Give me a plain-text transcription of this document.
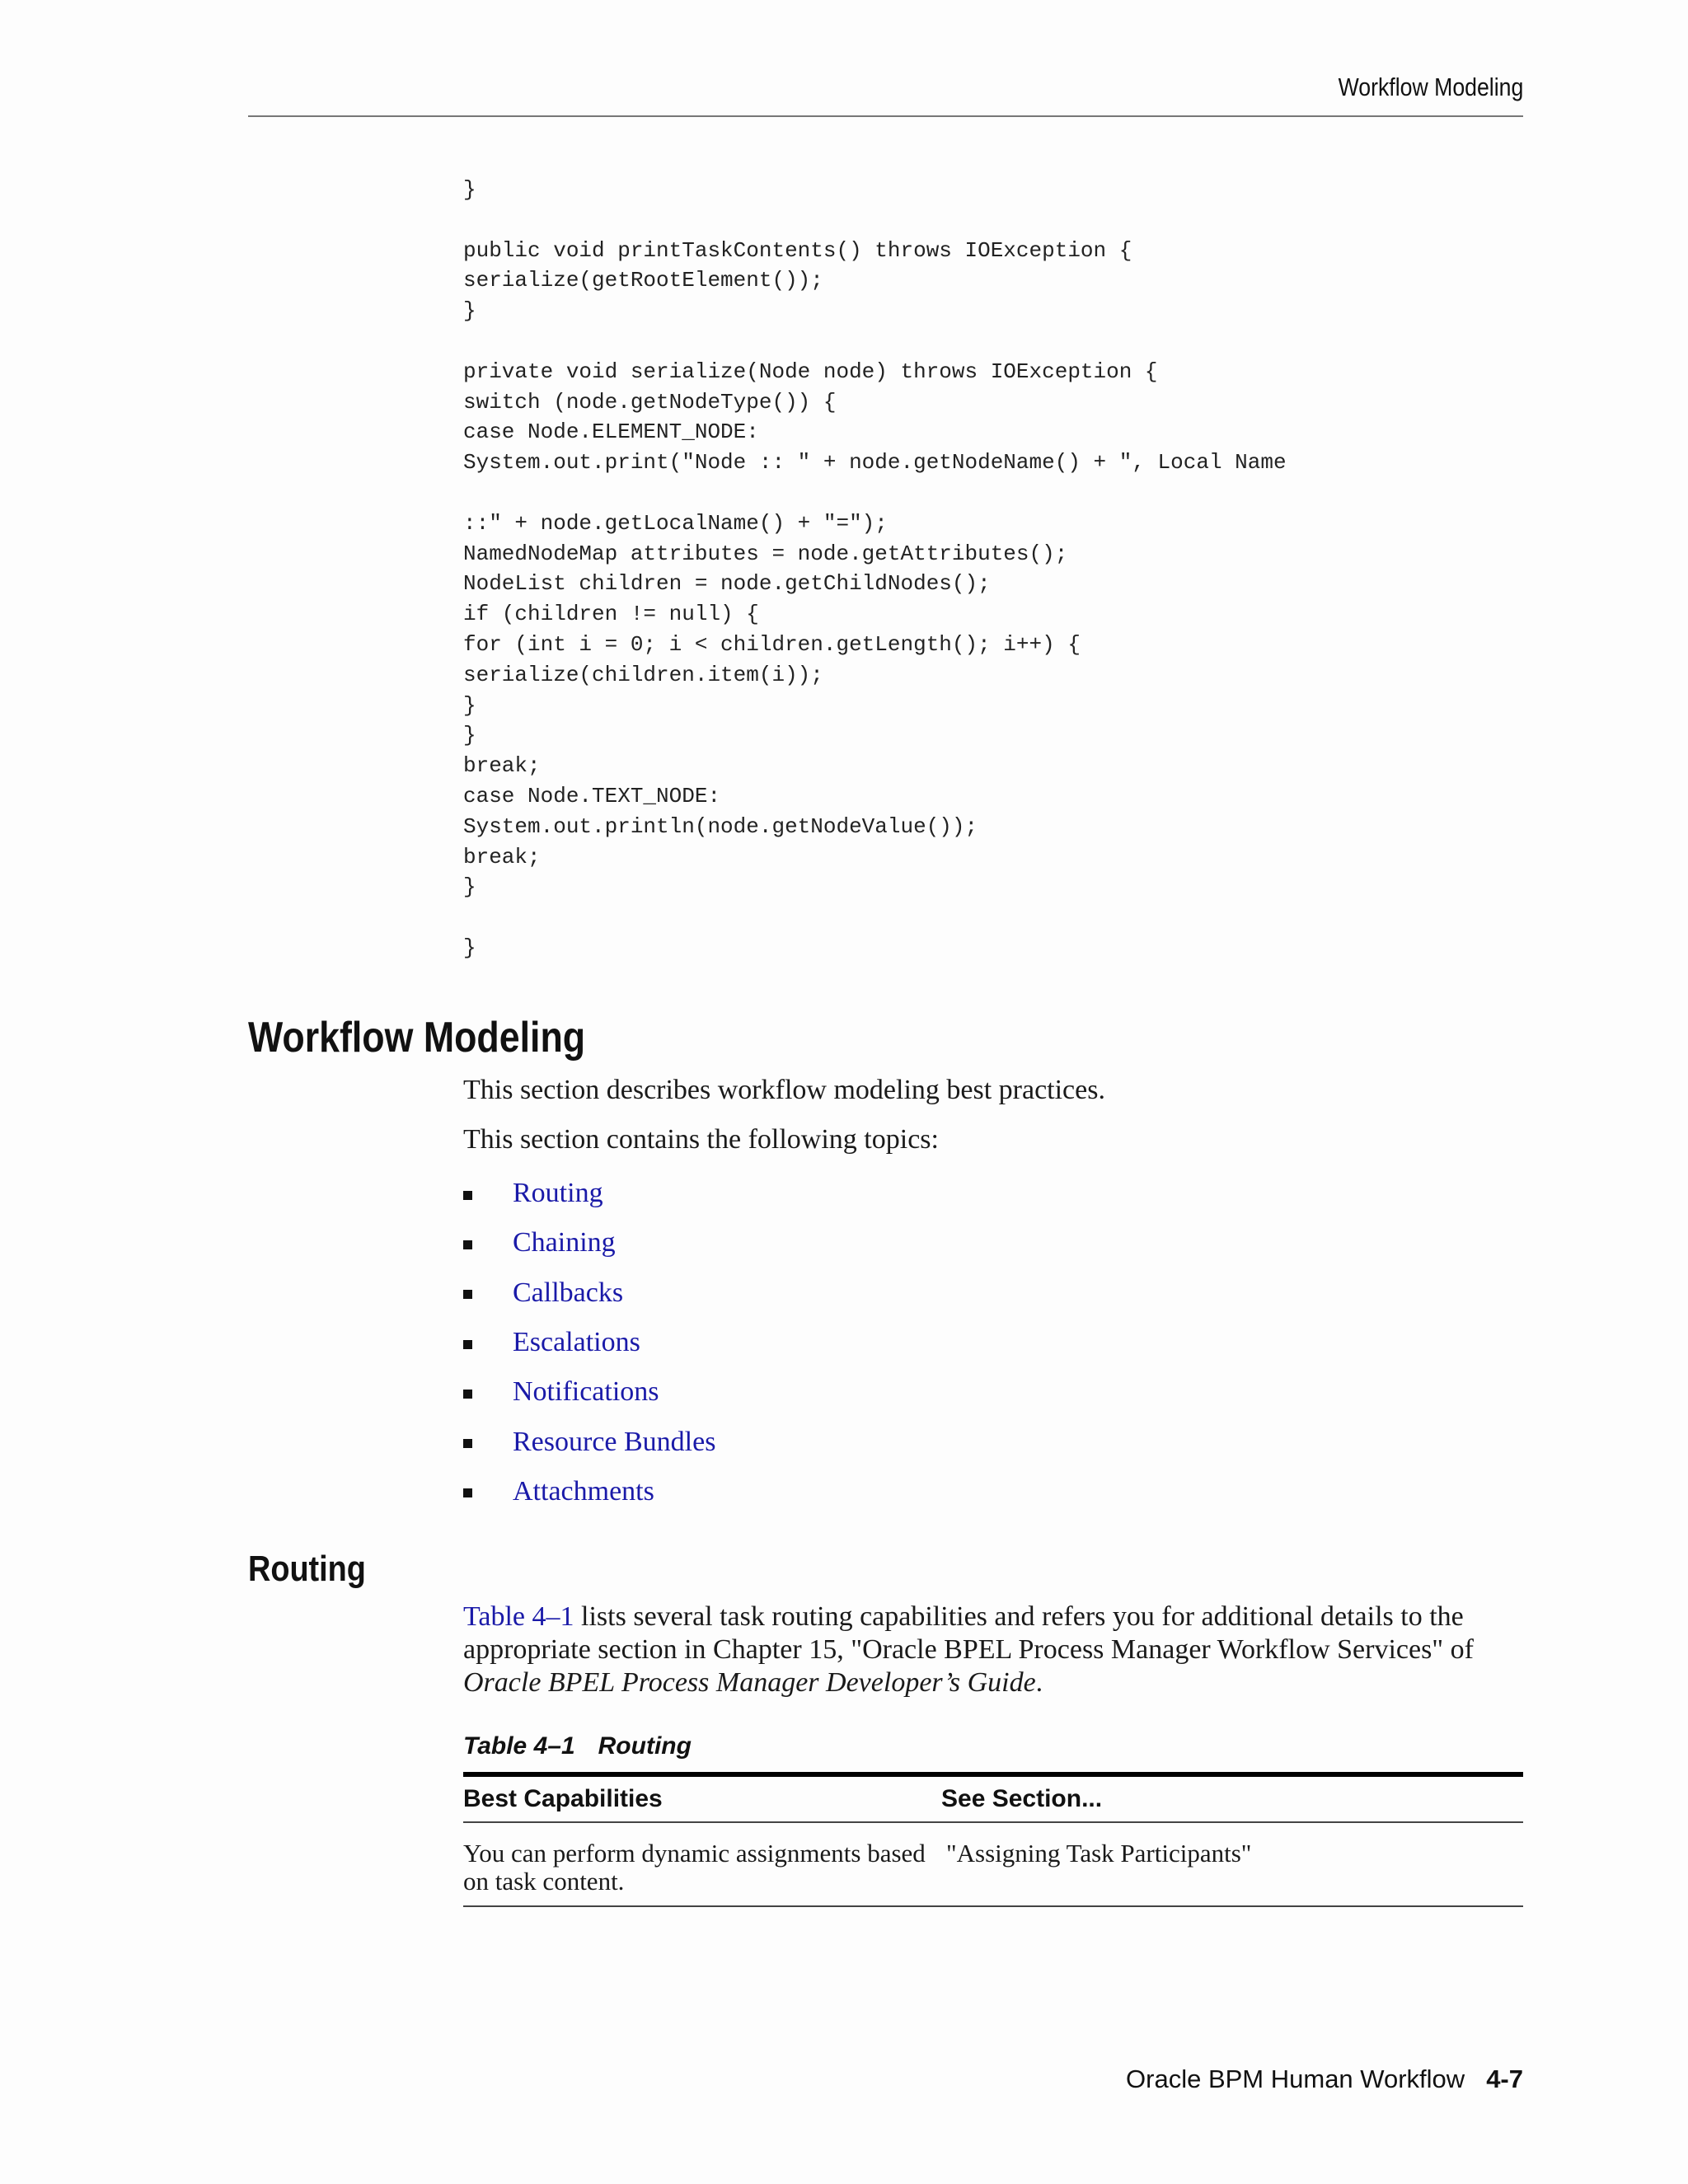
Workflow Modeling
}

public void printTaskContents() throws IOException {
serialize(getRootElement());
}

private void serialize(Node node) throws IOException {
switch (node.getNodeType()) {
case Node.ELEMENT_NODE:
System.out.print("Node :: " + node.getNodeName() + ", Local Name

::" + node.getLocalName() + "=");
NamedNodeMap attributes = node.getAttributes();
NodeList children = node.getChildNodes();
if (children != null) {
for (int i = 0; i < children.getLength(); i++) {
serialize(children.item(i));
}
}
break;
case Node.TEXT_NODE:
System.out.println(node.getNodeValue());
break;
}

}
Workflow Modeling

This section describes workflow modeling best practices.

This section contains the following topics:

Routing
Chaining
Callbacks
Escalations
Notifications
Resource Bundles
Attachments
Routing

Table 4–1 lists several task routing capabilities and refers you for additional details to the appropriate section in Chapter 15, "Oracle BPEL Process Manager Workflow Services" of Oracle BPEL Process Manager Developer’s Guide.

Table 4–1 Routing
Best Capabilities	See Section...
You can perform dynamic assignments based on task content.
"Assigning Task Participants"
Oracle BPM Human Workflow 4-7
